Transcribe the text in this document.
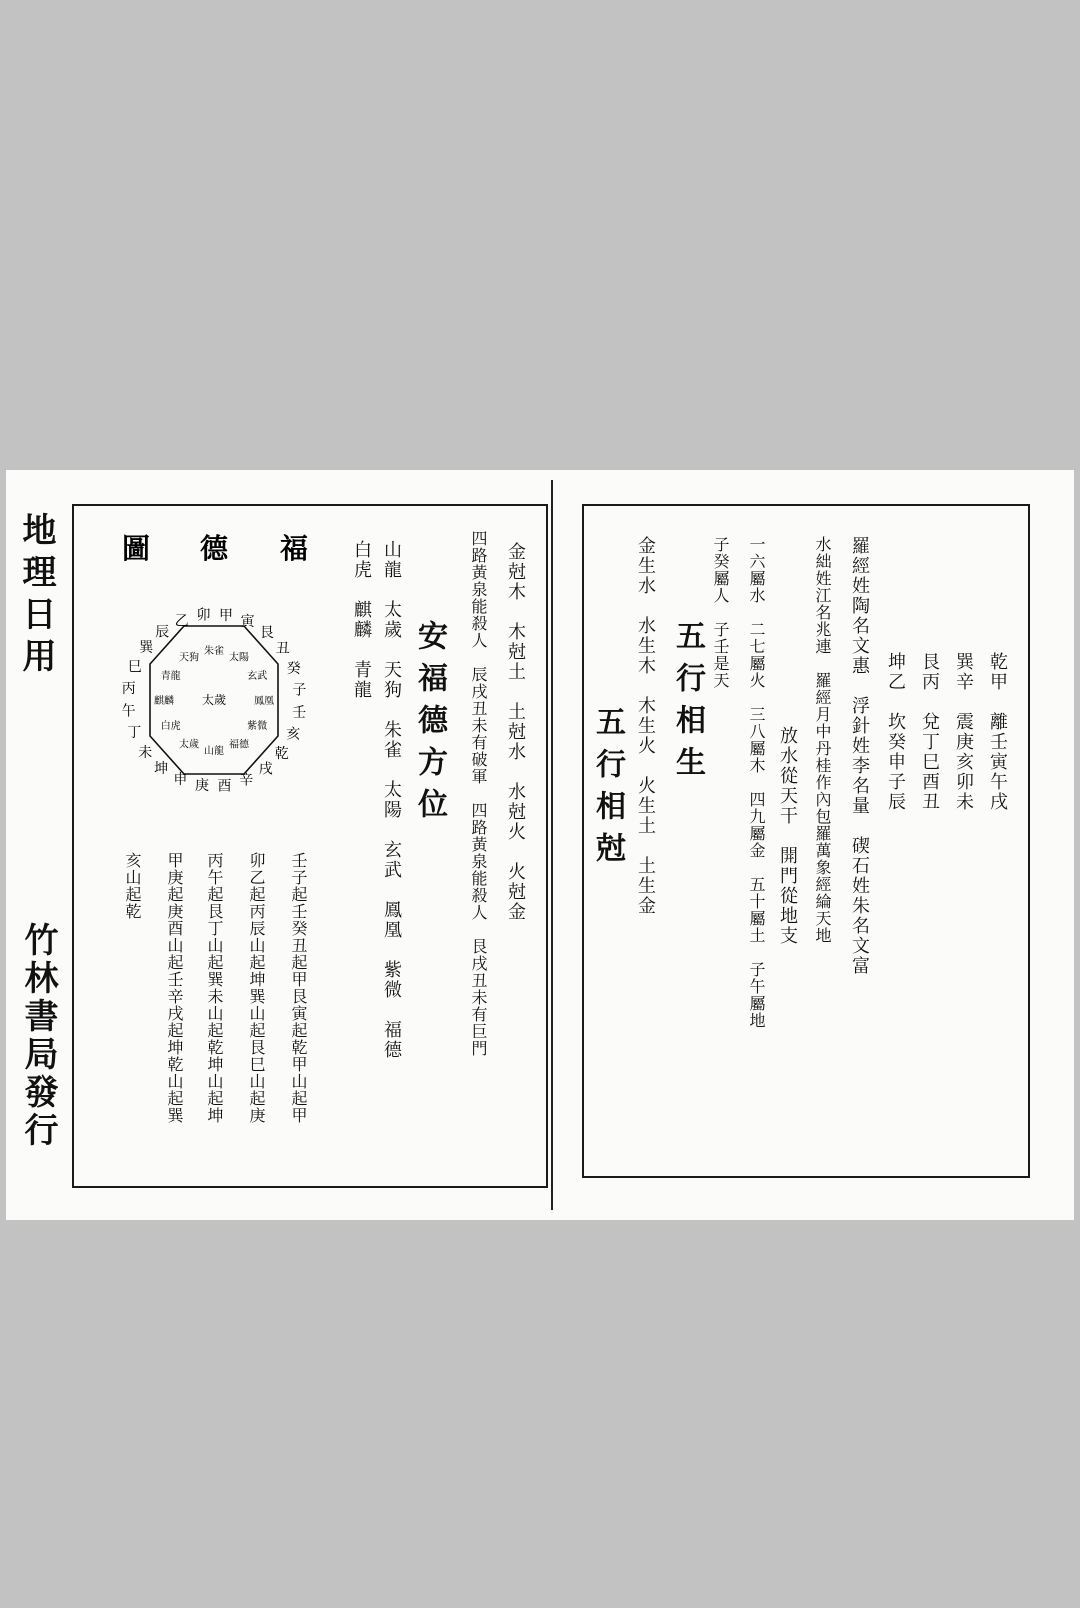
地理日用
竹林書局發行
金尅木　木尅土　土尅水　水尅火　火尅金
四路黃泉能殺人　辰戌丑未有破軍　四路黃泉能殺人　艮戌丑未有巨門
安福德方位
山龍　太歲　天狗　朱雀　太陽　玄武　鳳凰　紫微　福德
白虎　麒麟　青龍
壬子起壬癸丑起甲艮寅起乾甲山起甲
卯乙起丙辰山起坤巽山起艮巳山起庚
丙午起艮丁山起巽未山起乾坤山起坤
甲庚起庚酉山起壬辛戌起坤乾山起巽
亥山起乾
福
德
圖
乙 卯 甲 寅
艮
丑
癸
子
壬
亥
乾
戌
辛
酉
庚
申
坤
未
丁
午
丙
巳
巽
辰
天狗
朱雀
太陽
玄武
鳳凰
紫微
福德
山龍
太歲
白虎
麒麟
青龍
太歲	乾甲　離壬寅午戌
巽辛　震庚亥卯未
艮丙　兌丁巳酉丑
坤乙　坎癸申子辰
羅經姓陶名文惠　浮針姓李名量　碶石姓朱名文富
水絀姓江名兆連　羅經月中丹桂作內包羅萬象經綸天地
放水從天干　開門從地支
一六屬水　二七屬火　三八屬木　四九屬金　五十屬土　子午屬地
子癸屬人　子壬是天
五行相生
金生水　水生木　木生火　火生土　土生金
五行相尅
